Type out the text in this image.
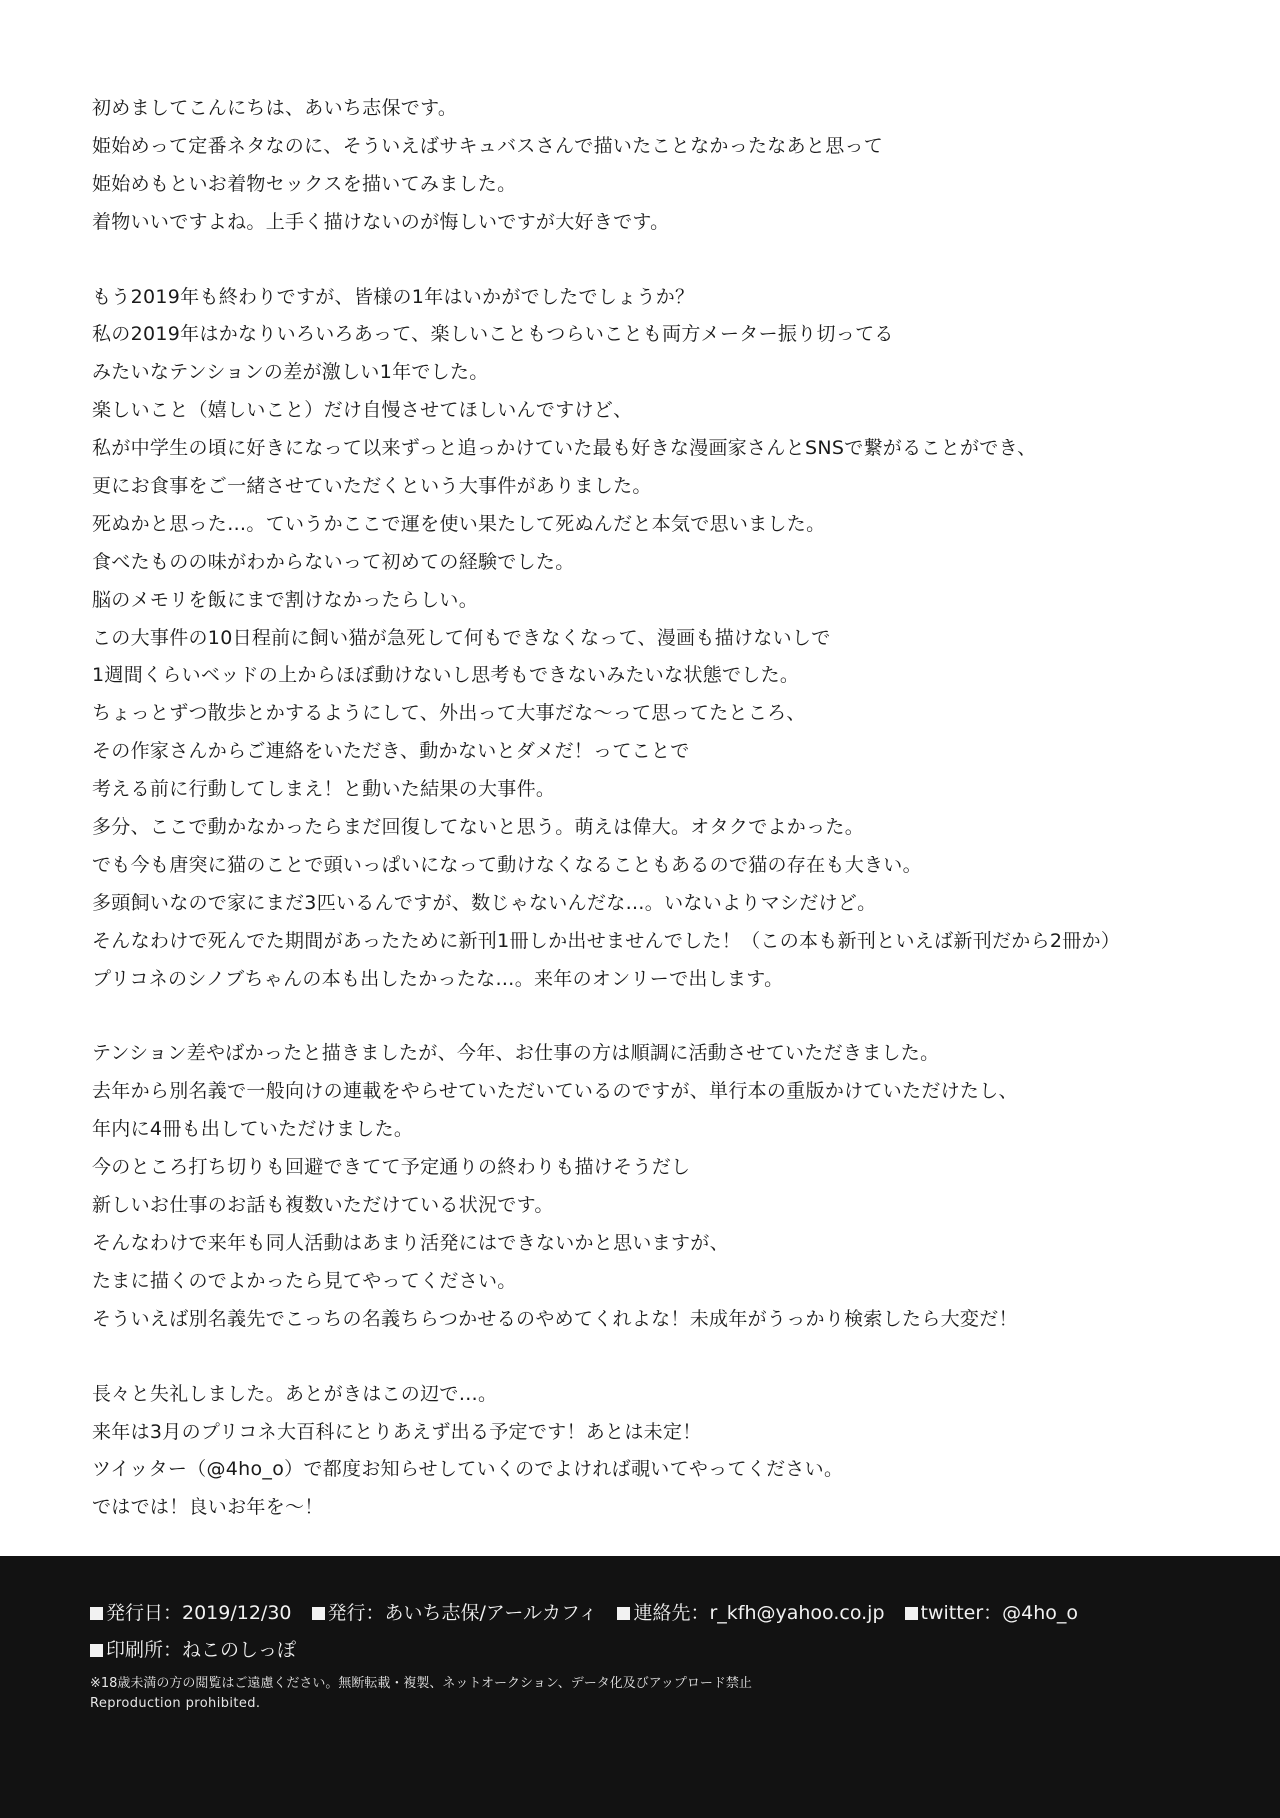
初めましてこんにちは、あいち志保です。
姫始めって定番ネタなのに、そういえばサキュバスさんで描いたことなかったなあと思って
姫始めもといお着物セックスを描いてみました。
着物いいですよね。上手く描けないのが悔しいですが大好きです。
もう2019年も終わりですが、皆様の1年はいかがでしたでしょうか？
私の2019年はかなりいろいろあって、楽しいこともつらいことも両方メーター振り切ってる
みたいなテンションの差が激しい1年でした。
楽しいこと（嬉しいこと）だけ自慢させてほしいんですけど、
私が中学生の頃に好きになって以来ずっと追っかけていた最も好きな漫画家さんとSNSで繋がることができ、
更にお食事をご一緒させていただくという大事件がありました。
死ぬかと思った…。ていうかここで運を使い果たして死ぬんだと本気で思いました。
食べたものの味がわからないって初めての経験でした。
脳のメモリを飯にまで割けなかったらしい。
この大事件の10日程前に飼い猫が急死して何もできなくなって、漫画も描けないしで
1週間くらいベッドの上からほぼ動けないし思考もできないみたいな状態でした。
ちょっとずつ散歩とかするようにして、外出って大事だな～って思ってたところ、
その作家さんからご連絡をいただき、動かないとダメだ！ってことで
考える前に行動してしまえ！と動いた結果の大事件。
多分、ここで動かなかったらまだ回復してないと思う。萌えは偉大。オタクでよかった。
でも今も唐突に猫のことで頭いっぱいになって動けなくなることもあるので猫の存在も大きい。
多頭飼いなので家にまだ3匹いるんですが、数じゃないんだな…。いないよりマシだけど。
そんなわけで死んでた期間があったために新刊1冊しか出せませんでした！（この本も新刊といえば新刊だから2冊か）
プリコネのシノブちゃんの本も出したかったな…。来年のオンリーで出します。
テンション差やばかったと描きましたが、今年、お仕事の方は順調に活動させていただきました。
去年から別名義で一般向けの連載をやらせていただいているのですが、単行本の重版かけていただけたし、
年内に4冊も出していただけました。
今のところ打ち切りも回避できてて予定通りの終わりも描けそうだし
新しいお仕事のお話も複数いただけている状況です。
そんなわけで来年も同人活動はあまり活発にはできないかと思いますが、
たまに描くのでよかったら見てやってください。
そういえば別名義先でこっちの名義ちらつかせるのやめてくれよな！未成年がうっかり検索したら大変だ！
長々と失礼しました。あとがきはこの辺で…。
来年は3月のプリコネ大百科にとりあえず出る予定です！あとは未定！
ツイッター（@4ho_o）で都度お知らせしていくのでよければ覗いてやってください。
ではでは！良いお年を～！
発行日：2019/12/30 発行：あいち志保/アールカフィ 連絡先：r_kfh@yahoo.co.jp twitter：@4ho_o
印刷所：ねこのしっぽ
※18歳未満の方の閲覧はご遠慮ください。無断転載・複製、ネットオークション、データ化及びアップロード禁止
Reproduction prohibited.
